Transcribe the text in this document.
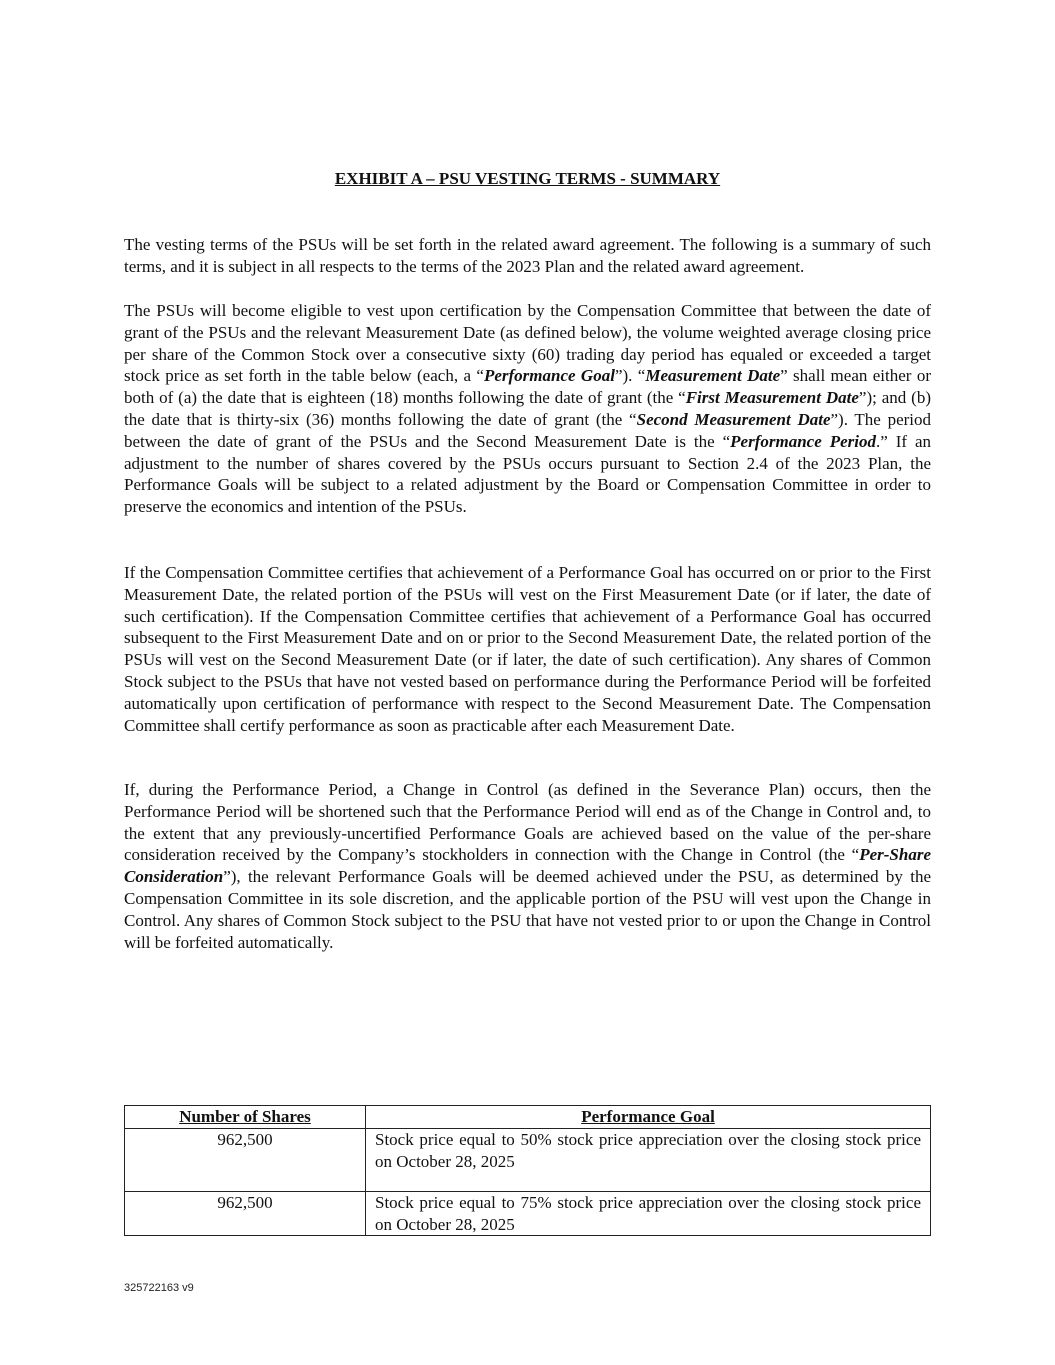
EXHIBIT A – PSU VESTING TERMS - SUMMARY

The vesting terms of the PSUs will be set forth in the related award agreement. The following is a summary of such terms, and it is subject in all respects to the terms of the 2023 Plan and the related award agreement.

The PSUs will become eligible to vest upon certification by the Compensation Committee that between the date of grant of the PSUs and the relevant Measurement Date (as defined below), the volume weighted average closing price per share of the Common Stock over a consecutive sixty (60) trading day period has equaled or exceeded a target stock price as set forth in the table below (each, a “Performance Goal”). “Measurement Date” shall mean either or both of (a) the date that is eighteen (18) months following the date of grant (the “First Measurement Date”); and (b) the date that is thirty-six (36) months following the date of grant (the “Second Measurement Date”). The period between the date of grant of the PSUs and the Second Measurement Date is the “Performance Period.” If an adjustment to the number of shares covered by the PSUs occurs pursuant to Section 2.4 of the 2023 Plan, the Performance Goals will be subject to a related adjustment by the Board or Compensation Committee in order to preserve the economics and intention of the PSUs.

If the Compensation Committee certifies that achievement of a Performance Goal has occurred on or prior to the First Measurement Date, the related portion of the PSUs will vest on the First Measurement Date (or if later, the date of such certification). If the Compensation Committee certifies that achievement of a Performance Goal has occurred subsequent to the First Measurement Date and on or prior to the Second Measurement Date, the related portion of the PSUs will vest on the Second Measurement Date (or if later, the date of such certification). Any shares of Common Stock subject to the PSUs that have not vested based on performance during the Performance Period will be forfeited automatically upon certification of performance with respect to the Second Measurement Date. The Compensation Committee shall certify performance as soon as practicable after each Measurement Date.

If, during the Performance Period, a Change in Control (as defined in the Severance Plan) occurs, then the Performance Period will be shortened such that the Performance Period will end as of the Change in Control and, to the extent that any previously-uncertified Performance Goals are achieved based on the value of the per-share consideration received by the Company’s stockholders in connection with the Change in Control (the “Per-Share Consideration”), the relevant Performance Goals will be deemed achieved under the PSU, as determined by the Compensation Committee in its sole discretion, and the applicable portion of the PSU will vest upon the Change in Control. Any shares of Common Stock subject to the PSU that have not vested prior to or upon the Change in Control will be forfeited automatically.

Number of Shares	Performance Goal
962,500	Stock price equal to 50% stock price appreciation over the closing stock price on October 28, 2025
962,500	Stock price equal to 75% stock price appreciation over the closing stock price on October 28, 2025
325722163 v9
